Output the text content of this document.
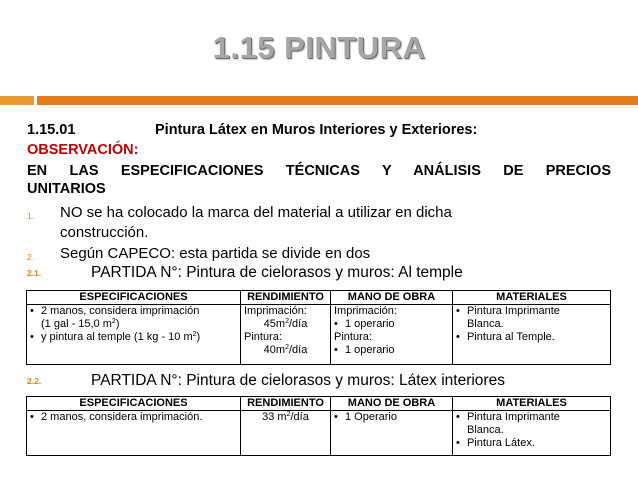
1.15 PINTURA
1.15.01	Pintura Látex en Muros Interiores y Exteriores:
OBSERVACIÓN:
EN LAS ESPECIFICACIONES TÉCNICAS Y ANÁLISIS DE PRECIOS
UNITARIOS
1. NO se ha colocado la marca del material a utilizar en dicha
construcción.
2. Según CAPECO: esta partida se divide en dos
2.1.	PARTIDA N°: Pintura de cielorasos y muros: Al temple
ESPECIFICACIONES	RENDIMIENTO	MANO DE OBRA	MATERIALES

• 2 manos, considera imprimación
(1 gal - 15,0 $m^2$)
• y pintura al temple (1 kg - 10 $m^2$)	Imprimación:
$45m^2$/día
Pintura:
$40m^2$/día	Imprimación:
• 1 operario
Pintura:
• 1 operario	• Pintura Imprimante
Blanca.
• Pintura al Temple.
2.2.	PARTIDA N°: Pintura de cielorasos y muros: Látex interiores
ESPECIFICACIONES	RENDIMIENTO	MANO DE OBRA	MATERIALES

• 2 manos, considera imprimación.	33 $m^2$/día	• 1 Operario	• Pintura Imprimante
Blanca.
• Pintura Látex.
